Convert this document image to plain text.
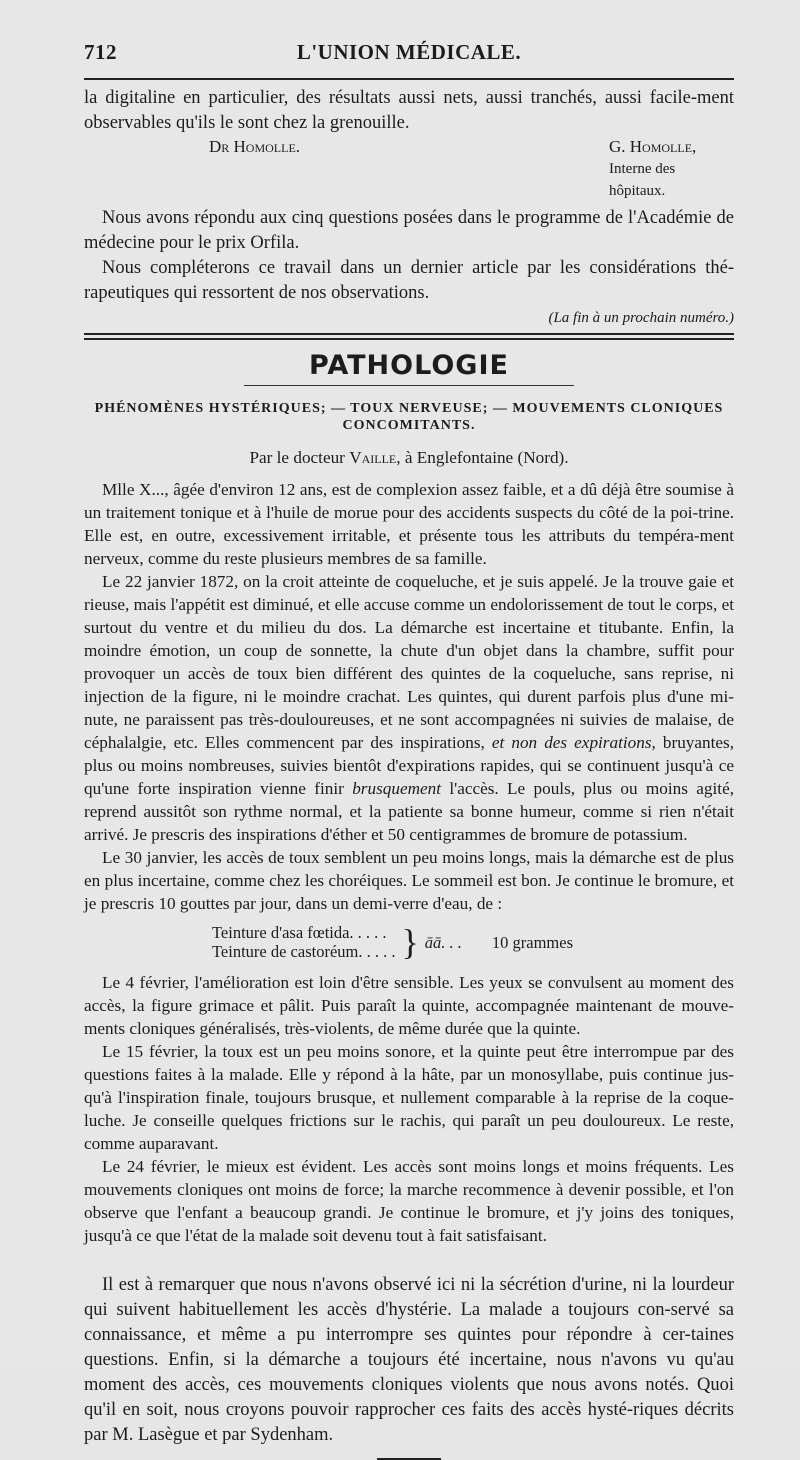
712	L'UNION MÉDICALE.

la digitaline en particulier, des résultats aussi nets, aussi tranchés, aussi facile-ment observables qu'ils le sont chez la grenouille.

Dr Homolle.	G. Homolle,
Interne des hôpitaux.

Nous avons répondu aux cinq questions posées dans le programme de l'Académie de médecine pour le prix Orfila.

Nous compléterons ce travail dans un dernier article par les considérations thé-rapeutiques qui ressortent de nos observations.

(La fin à un prochain numéro.)
PATHOLOGIE
PHÉNOMÈNES HYSTÉRIQUES; — TOUX NERVEUSE; — MOUVEMENTS CLONIQUES CONCOMITANTS.
Par le docteur Vaille, à Englefontaine (Nord).

Mlle X..., âgée d'environ 12 ans, est de complexion assez faible, et a dû déjà être soumise à un traitement tonique et à l'huile de morue pour des accidents suspects du côté de la poi-trine. Elle est, en outre, excessivement irritable, et présente tous les attributs du tempéra-ment nerveux, comme du reste plusieurs membres de sa famille.

Le 22 janvier 1872, on la croit atteinte de coqueluche, et je suis appelé. Je la trouve gaie et rieuse, mais l'appétit est diminué, et elle accuse comme un endolorissement de tout le corps, et surtout du ventre et du milieu du dos. La démarche est incertaine et titubante. Enfin, la moindre émotion, un coup de sonnette, la chute d'un objet dans la chambre, suffit pour provoquer un accès de toux bien différent des quintes de la coqueluche, sans reprise, ni injection de la figure, ni le moindre crachat. Les quintes, qui durent parfois plus d'une mi-nute, ne paraissent pas très-douloureuses, et ne sont accompagnées ni suivies de malaise, de céphalalgie, etc. Elles commencent par des inspirations, et non des expirations, bruyantes, plus ou moins nombreuses, suivies bientôt d'expirations rapides, qui se continuent jusqu'à ce qu'une forte inspiration vienne finir brusquement l'accès. Le pouls, plus ou moins agité, reprend aussitôt son rythme normal, et la patiente sa bonne humeur, comme si rien n'était arrivé. Je prescris des inspirations d'éther et 50 centigrammes de bromure de potassium.

Le 30 janvier, les accès de toux semblent un peu moins longs, mais la démarche est de plus en plus incertaine, comme chez les choréiques. Le sommeil est bon. Je continue le bromure, et je prescris 10 gouttes par jour, dans un demi-verre d'eau, de :

Teinture d'asa fœtida. . . . .
Teinture de castoréum. . . . . } āā. . . 10 grammes

Le 4 février, l'amélioration est loin d'être sensible. Les yeux se convulsent au moment des accès, la figure grimace et pâlit. Puis paraît la quinte, accompagnée maintenant de mouve-ments cloniques généralisés, très-violents, de même durée que la quinte.

Le 15 février, la toux est un peu moins sonore, et la quinte peut être interrompue par des questions faites à la malade. Elle y répond à la hâte, par un monosyllabe, puis continue jus-qu'à l'inspiration finale, toujours brusque, et nullement comparable à la reprise de la coque-luche. Je conseille quelques frictions sur le rachis, qui paraît un peu douloureux. Le reste, comme auparavant.

Le 24 février, le mieux est évident. Les accès sont moins longs et moins fréquents. Les mouvements cloniques ont moins de force; la marche recommence à devenir possible, et l'on observe que l'enfant a beaucoup grandi. Je continue le bromure, et j'y joins des toniques, jusqu'à ce que l'état de la malade soit devenu tout à fait satisfaisant.

Il est à remarquer que nous n'avons observé ici ni la sécrétion d'urine, ni la lourdeur qui suivent habituellement les accès d'hystérie. La malade a toujours con-servé sa connaissance, et même a pu interrompre ses quintes pour répondre à cer-taines questions. Enfin, si la démarche a toujours été incertaine, nous n'avons vu qu'au moment des accès, ces mouvements cloniques violents que nous avons notés. Quoi qu'il en soit, nous croyons pouvoir rapprocher ces faits des accès hysté-riques décrits par M. Lasègue et par Sydenham.
